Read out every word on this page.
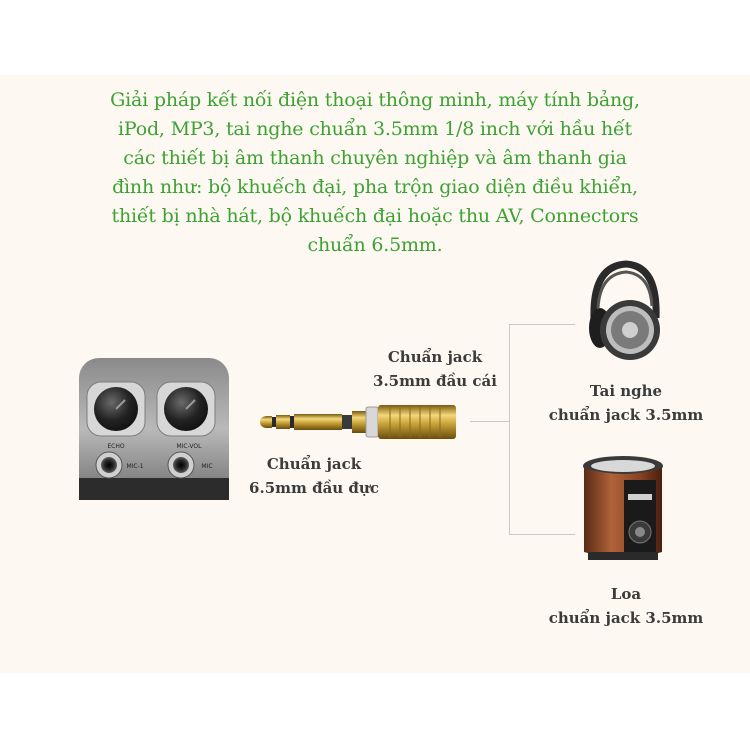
Giải pháp kết nối điện thoại thông minh, máy tính bảng,
iPod, MP3, tai nghe chuẩn 3.5mm 1/8 inch với hầu hết
các thiết bị âm thanh chuyên nghiệp và âm thanh gia
đình như: bộ khuếch đại, pha trộn giao diện điều khiển,
thiết bị nhà hát, bộ khuếch đại hoặc thu AV, Connectors
chuẩn 6.5mm.
ECHO	MIC-VOL
MIC-1	MIC
Chuẩn jack
3.5mm đầu cái
Chuẩn jack
6.5mm đầu đực
Tai nghe
chuẩn jack 3.5mm
Loa
chuẩn jack 3.5mm
